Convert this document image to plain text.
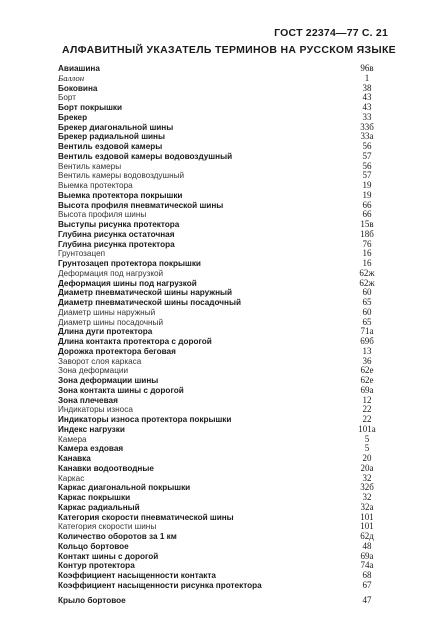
ГОСТ 22374—77 С. 21
АЛФАВИТНЫЙ УКАЗАТЕЛЬ ТЕРМИНОВ НА РУССКОМ ЯЗЫКЕ
Авиашина	96в
Баллон	1
Боковина	38
Борт	43
Борт покрышки	43
Брекер	33
Брекер диагональной шины	33б
Брекер радиальной шины	33а
Вентиль ездовой камеры	56
Вентиль ездовой камеры водовоздушный	57
Вентиль камеры	56
Вентиль камеры водовоздушный	57
Выемка протектора	19
Выемка протектора покрышки	19
Высота профиля пневматической шины	66
Высота профиля шины	66
Выступы рисунка протектора	15в
Глубина рисунка остаточная	18б
Глубина рисунка протектора	76
Грунтозацеп	16
Грунтозацеп протектора покрышки	16
Деформация под нагрузкой	62ж
Деформация шины под нагрузкой	62ж
Диаметр пневматической шины наружный	60
Диаметр пневматической шины посадочный	65
Диаметр шины наружный	60
Диаметр шины посадочный	65
Длина дуги протектора	71а
Длина контакта протектора с дорогой	69б
Дорожка протектора беговая	13
Заворот слоя каркаса	36
Зона деформации	62е
Зона деформации шины	62е
Зона контакта шины с дорогой	69а
Зона плечевая	12
Индикаторы износа	22
Индикаторы износа протектора покрышки	22
Индекс нагрузки	101а
Камера	5
Камера ездовая	5
Канавка	20
Канавки водоотводные	20а
Каркас	32
Каркас диагональной покрышки	32б
Каркас покрышки	32
Каркас радиальный	32а
Категория скорости пневматической шины	101
Категория скорости шины	101
Количество оборотов за 1 км	62д
Кольцо бортовое	48
Контакт шины с дорогой	69а
Контур протектора	74а
Коэффициент насыщенности контакта	68
Коэффициент насыщенности рисунка протектора	67
Крыло бортовое	47
